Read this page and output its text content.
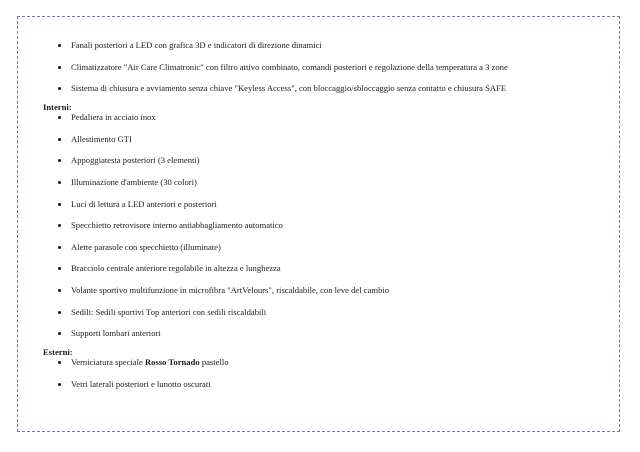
Fanali posteriori a LED con grafica 3D e indicatori di direzione dinamici
Climatizzatore "Air Care Climatronic" con filtro attivo combinato, comandi posteriori e regolazione della temperatura a 3 zone
Sistema di chiusura e avviamento senza chiave "Keyless Access", con bloccaggio/sbloccaggio senza contatto e chiusura SAFE
Interni:
Pedaliera in acciaio inox
Allestimento GTI
Appoggiatesta posteriori (3 elementi)
Illuminazione d'ambiente (30 colori)
Luci di lettura a LED anteriori e posteriori
Specchietto retrovisore interno antiabbagliamento automatico
Alette parasole con specchietto (illuminate)
Bracciolo centrale anteriore regolabile in altezza e lunghezza
Volante sportivo multifunzione in microfibra "ArtVelours", riscaldabile, con leve del cambio
Sedili: Sedili sportivi Top anteriori con sedili riscaldabili
Supporti lombari anteriori
Esterni:
Verniciatura speciale Rosso Tornado pastello
Vetri laterali posteriori e lunotto oscurati
